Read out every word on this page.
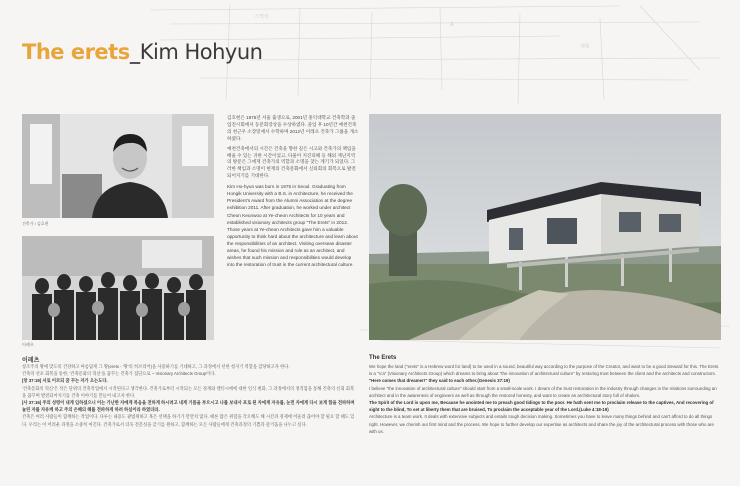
스케치
A
계획
The erets_Kim Hohyun
건축가 / 김호현
이레츠

김호현은 1975년 서울 출생으로, 2001년 홍익대학교 건축학과 졸업전시회에서 동문회장상을 수상하였다. 졸업 후 10년간 예천건축의 천근우 소장밑에서 수학하며 2012년 이레츠 건축가 그룹을 개소하였다.

예천건축에서의 시간은 건축을 향한 깊은 시고와 건축가의 책임을 배울 수 있는 귀한 시간이었고, 다물어 지진피해 등 해외 재난지역의 방문은 그에게 건축가의 역할과 소명을 찾는 계기가 되었다. 그러한 책임과 소명이 현재의 건축문화에서 신뢰회의 회복으로 발전되어지기를 기대한다.

Kim Ho-hyun was born in 1975 in Seoul. Graduating from Hongik University with a B.S. in Architecture, he received the President's Award from the Alumni Association at the degree exhibition 2011. After graduation, he worked under architect Cheon Keunwoo at Ye-cheon Architects for 10 years and established visionary architects group "The Erets" in 2012. Those years at Ye-cheon Architects gave him a valuable opportunity to think hard about the architecture and learn about the responsibilities of an architect. Visiting overseas disaster areas, he found his mission and role as an architect, and wishes that such mission and responsibilities would develop into the restoration of trust in the current architectural culture.

이레츠

창조주의 땅에 맞도록 건강하고 아름답게 그 땅(erets - '땅'의 히브리어)을 사용하기를 기대하고, 그 과정에서 선한 청지기 역할을 감당하고자 한다.

건축의 선포 회복을 통한, '건축문화의 혁신'을 꿈꾸는 건축가 집단으로 ~ Visionary Architects Group이다.

[창 37:19] 서로 이르되 꿈 꾸는 자가 오는도다.

'건축문화의 혁신'은 작은 단위의 건축작업에서 시작된다고 생각한다. 건축가로부터 시작되는 모든 경계와 멘티시에에 대한 인식 변화, 그 과정에서의 정직함을 통해 건축의 신뢰 회복을 꿈꾸며 발전되어지기를 건축 이야기를 만들어 내고자 한다.

[사 37:16] 주의 성령이 내게 임하셨으니 이는 가난한 자에게 복음을 전하게 하시려고 내게 기름을 부으시고 나를 보내사 포로 된 자에게 자유를, 눈먼 자에게 다시 보게 함을 전파하며 눌린 자를 자유케 하고 주의 은혜의 해를 전파하게 하려 하심이라 하였더라.

건축은 여러 사람들이 함께하는 작업이다. 다루는 내용도 광범위하고 혹은 선택을 하기가 만만치 않다. 때론 많은 위험을 각오해도 해 시간과 경제에 어울려 끊어야 할 필요 할 때도 있다. 우리는 이 어려운 과정을 소중히 여긴다. 건축가로서 더욱 전문성을 갖기를 원하고, 함께하는 모든 사람들에게 건축과정의 기쁨과 즐거움을 나누고 싶다.

The Erets

We hope the land ("erets" is a Hebrew word for land) to be used in a sound, beautiful way according to the purpose of the Creator, and want to be a good steward for this. The Erets is a "V.a" (Visionary Architects Group) which dreams to bring about "the innovation of architectural culture" by restoring trust between the client and the architects and constructors.

"Here comes that dreamer!" they said to each other.(Genesis 37:19)

I believe "the innovation of architectural culture" should start from a small-scale work. I dream of the trust restoration in the industry through changes in the relations surrounding an architect and in the awareness of engineers as well as through the restored honesty, and want to create an architectural story full of shalom.

The Spirit of the Lord is upon me, Because he anointed me to preach good tidings to the poor. He hath sent me to proclaim release to the captives, And recovering of sight to the blind, To set at liberty them that are bruised, To proclaim the acceptable year of the Lord.(Luke 4:18-19)

Architecture is a team work. It deals with extensive subjects and entails tough decision making. Sometimes you have to leave many things behind and can't afford to do all things right. However, we cherish our first mind and the process. We hope to further develop our expertise as architects and share the joy of the architectural process with those who are with us.
